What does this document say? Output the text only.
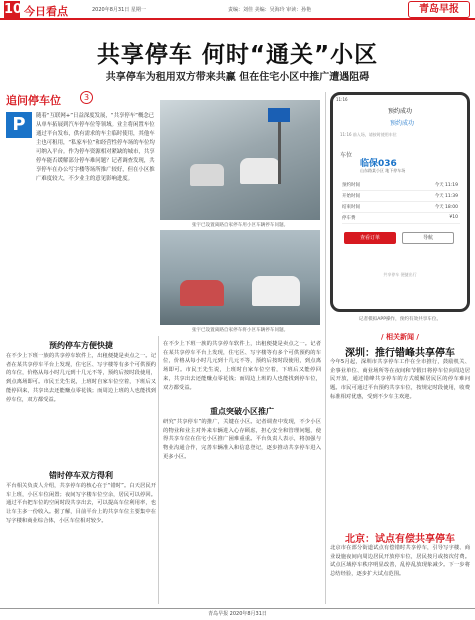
10 今日看点	2020年8月31日 星期一	责编：刘佳 美编：吴海玲 审读：孙艳	青岛早报
共享停车 何时“通关”小区
共享停车为租用双方带来共赢 但在住宅小区中推广遭遇阻碍
追问停车位	3
P	随着“互联网+”日益深度发展，“共享停车”概念已从单车拓展到汽车停车位等领域。业主将闲置车位通过平台发布，供有需求的车主临时使用，其他车主也可租用，“私家车位”和经营性停车场的车位均可纳入平台。作为停车资源相对紧缺的城市，共享停车能否缓解部分停车难问题？记者调查发现，共享停车在办公写字楼等场所推广较好，但在小区推广难度较大，不少业主的意见影响进度。
张宇已设置离路自家停车用小区车辆停车问题。
张宇已设置离路自家停车将小区车辆停车问题。
11:16
预约成功
预约成功
11:16 前入场，请按时使用车位
车位
临保036
山东路某小区 地下停车场
预约时间	今天 11:19
开始时间	今天 11:39
结束时间	今天 18:00
停车费	¥10
查看订单	导航
共享停车 便捷出行
记者模拟APP操作，预约有效共享车位。
预约停车方便快捷
在不少上下班一族的共享停车软件上，出租便捷是卖点之一。记者在某共享停车平台上发现，住宅区、写字楼等有多个可供预约的车位，价格从每小时几元到十几元不等，预约后按时段使用，到点离场即可。市民王先生说，上班时自家车位空着，下班后又能停回来，共享出去还能赚点零花钱；而周边上班的人也能找到停车位，双方都受益。
错时停车双方得利
平台相关负责人介绍，共享停车的核心在于“错时”。白天居民开车上班，小区车位闲置；夜间写字楼车位空余，居民可以停回。通过平台把车位的空闲时段共享出去，可以提高车位利用率，也让车主多一份收入。据了解，目前平台上的共享车位主要集中在写字楼和商业综合体，小区车位相对较少。
在不少上下班一族的共享停车软件上，出租便捷是卖点之一。记者在某共享停车平台上发现，住宅区、写字楼等有多个可供预约的车位，价格从每小时几元到十几元不等，预约后按时段使用，到点离场即可。市民王先生说，上班时自家车位空着，下班后又能停回来，共享出去还能赚点零花钱；而周边上班的人也能找到停车位，双方都受益。
重点突破小区推广
研究“共享停车”的推广，关键在小区。记者调查中发现，不少小区的物业和业主对外来车辆进入心存顾虑，担心安全和管理问题，使得共享车位在住宅小区推广困难重重。平台负责人表示，将加强与物业沟通合作，完善车辆准入和信息登记，逐步推动共享停车进入更多小区。
/ 相关新闻 /
深圳：推行错峰共享停车
今年5月起，深圳市共享停车工作在全市推行，鼓励机关、企事业单位、商业场所等在夜间和节假日将停车位向周边居民开放，通过错峰共享停车的方式缓解居民区的停车难问题。市民可通过平台预约共享车位，按规定时段使用，收费标准相对优惠，受到不少车主欢迎。
北京：试点有偿共享停车
北京市在部分街道试点有偿错时共享停车，引导写字楼、商业设施夜间向周边居民开放停车位，居民按月或按次付费。试点区域停车秩序明显改善，乱停乱放现象减少。下一步将总结经验，逐步扩大试点范围。
青岛早报 2020年8月31日
